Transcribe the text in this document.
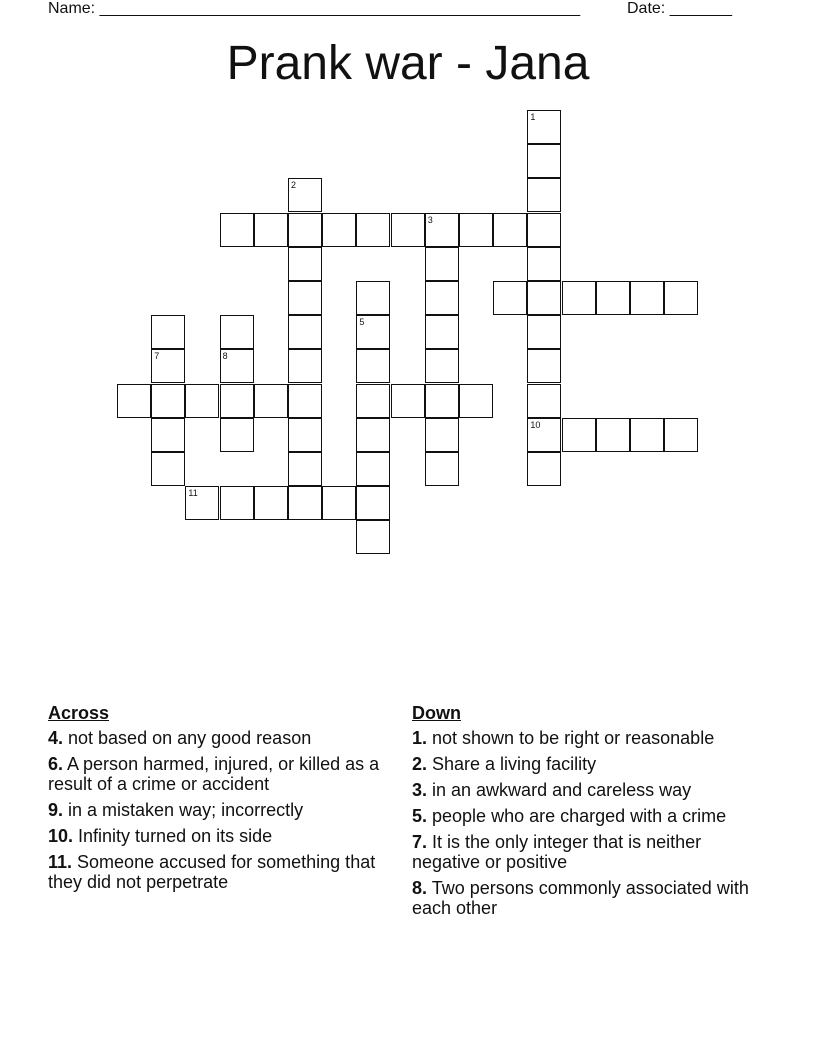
Name: ______________________________________________________	Date: _______
Prank war - Jana
1
10
2
3
5
7	8
11
Across
4. not based on any good reason
6. A person harmed, injured, or killed as a result of a crime or accident
9. in a mistaken way; incorrectly
10. Infinity turned on its side
11. Someone accused for something that they did not perpetrate
Down
1. not shown to be right or reasonable
2. Share a living facility
3. in an awkward and careless way
5. people who are charged with a crime
7. It is the only integer that is neither negative or positive
8. Two persons commonly associated with each other
